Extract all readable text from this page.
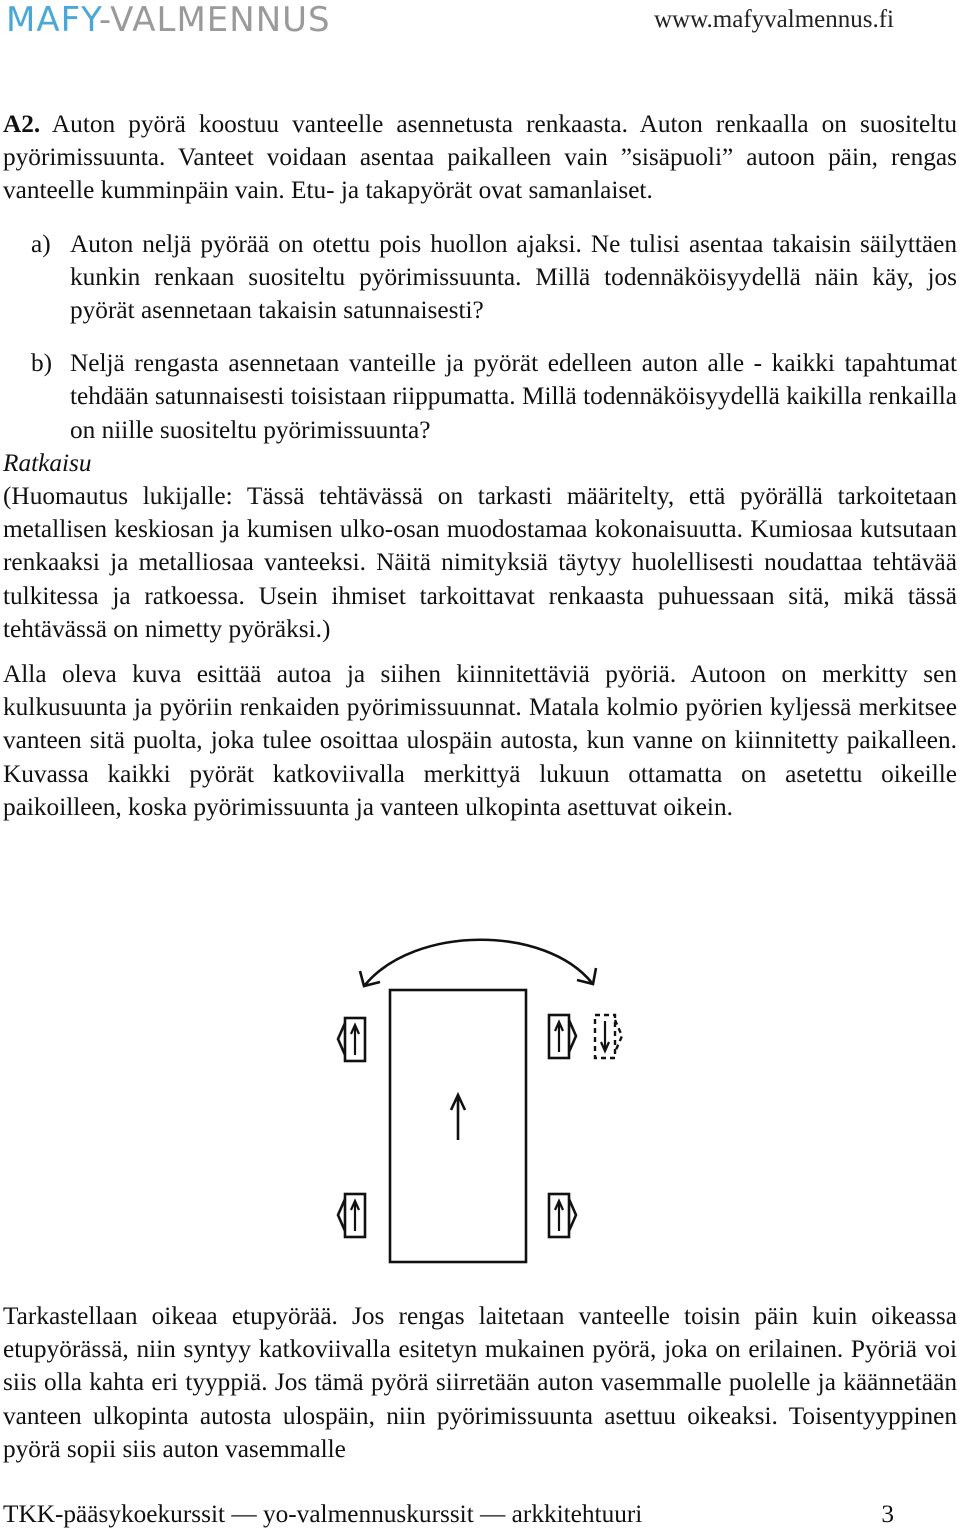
MAFY-VALMENNUS	www.mafyvalmennus.fi

A2. Auton pyörä koostuu vanteelle asennetusta renkaasta. Auton renkaalla on suositeltu pyörimissuunta. Vanteet voidaan asentaa paikalleen vain ”sisäpuoli” autoon päin, rengas vanteelle kumminpäin vain. Etu- ja takapyörät ovat samanlaiset.

a) Auton neljä pyörää on otettu pois huollon ajaksi. Ne tulisi asentaa takaisin säilyttäen kunkin renkaan suositeltu pyörimissuunta. Millä todennäköisyydellä näin käy, jos pyörät asennetaan takaisin satunnaisesti?
b) Neljä rengasta asennetaan vanteille ja pyörät edelleen auton alle - kaikki tapahtumat tehdään satunnaisesti toisistaan riippumatta. Millä todennäköisyydellä kaikilla renkailla on niille suositeltu pyörimissuunta?

Ratkaisu

(Huomautus lukijalle: Tässä tehtävässä on tarkasti määritelty, että pyörällä tarkoitetaan metallisen keskiosan ja kumisen ulko-osan muodostamaa kokonaisuutta. Kumiosaa kutsutaan renkaaksi ja metalliosaa vanteeksi. Näitä nimityksiä täytyy huolellisesti noudattaa tehtävää tulkitessa ja ratkoessa. Usein ihmiset tarkoittavat renkaasta puhuessaan sitä, mikä tässä tehtävässä on nimetty pyöräksi.)

Alla oleva kuva esittää autoa ja siihen kiinnitettäviä pyöriä. Autoon on merkitty sen kulkusuunta ja pyöriin renkaiden pyörimissuunnat. Matala kolmio pyörien kyljessä merkitsee vanteen sitä puolta, joka tulee osoittaa ulospäin autosta, kun vanne on kiinnitetty paikalleen. Kuvassa kaikki pyörät katkoviivalla merkittyä lukuun ottamatta on asetettu oikeille paikoilleen, koska pyörimissuunta ja vanteen ulkopinta asettuvat oikein.

Tarkastellaan oikeaa etupyörää. Jos rengas laitetaan vanteelle toisin päin kuin oikeassa etupyörässä, niin syntyy katkoviivalla esitetyn mukainen pyörä, joka on erilainen. Pyöriä voi siis olla kahta eri tyyppiä. Jos tämä pyörä siirretään auton vasemmalle puolelle ja käännetään vanteen ulkopinta autosta ulospäin, niin pyörimissuunta asettuu oikeaksi. Toisentyyppinen pyörä sopii siis auton vasemmalle

TKK-pääsykoekurssit — yo-valmennuskurssit — arkkitehtuuri	3
